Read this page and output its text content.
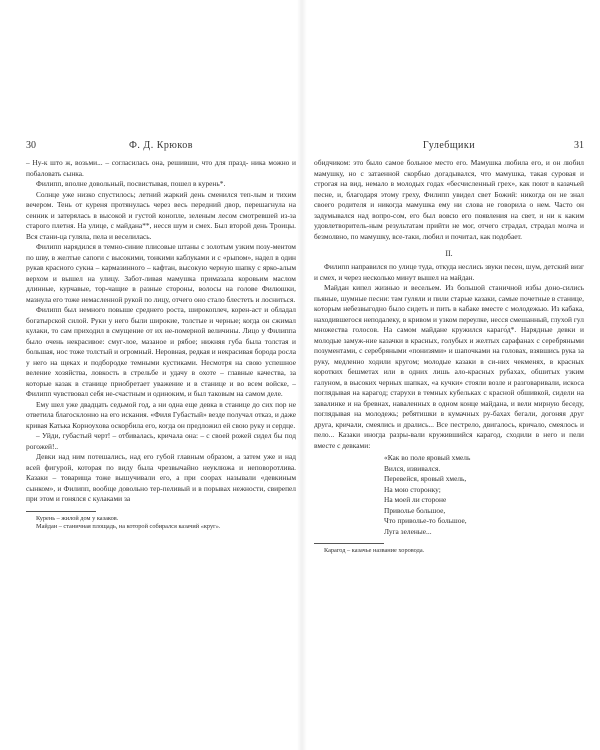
30	Ф. Д. Крюков

– Ну-к што ж, возьми... – согласилась она, решивши, что для празд- ника можно и побаловать сынка.

Филипп, вполне довольный, посвистывая, пошел в курень*.

Солнце уже низко спустилось; летний жаркий день сменился теп-лым и тихим вечером. Тень от куреня протянулась через весь передний двор, перешагнула на сенник и затерялась в высокой и густой конопле, зеленым лесом смотревшей из-за старого плетня. На улице, с майдана**, несся шум и смех. Был второй день Троицы. Вся стани-ца гуляла, пела и веселилась.

Филипп нарядился в темно-синие плисовые штаны с золотым узким позу-ментом по шву, в желтые сапоги с высокими, тонкими каблуками и с «рыпом», надел в один рукав красного сукна – кармазинного – кафтан, высокую черную шапку с ярко-алым верхом и вышел на улицу. Забот-ливая мамушка примазала коровьим маслом длинные, курчавые, тор-чащие в разные стороны, волосы на голове Филюшки, мазнула его тоже немасленной рукой по лицу, отчего оно стало блестеть и лосниться.

Филипп был немного повыше среднего роста, широкоплеч, корен-аст и обладал богатырской силой. Руки у него были широкие, толстые и черные; когда он сжимал кулаки, то сам приходил в смущение от их не-померной величины. Лицо у Филиппа было очень некрасивое: смуг-лое, мазаное и рябое; нижняя губа была толстая и большая, нос тоже толстый и огромный. Неровная, редкая и некрасивая борода росла у него на щеках и подбородке темными кустиками. Несмотря на свою успешное веление хозяйства, ловкость в стрельбе и удачу в охоте – главные качества, за которые казак в станице приобретает уважение и в станице и во всем войске, – Филипп чувствовал себя не-счастным и одиноким, и был таковым на самом деле.

Ему шел уже двадцать седьмой год, а ни одна еще девка в станице до сих пор не ответила благосклонно на его искания. «Филя Губастый» везде получал отказ, и даже кривая Катька Корноухова оскорбила его, когда он предложил ей свою руку и сердце.

– Уйди, губастый черт! – отбивалась, кричала она: – с своей рожей сидел бы под рогожей!..

Девки над ним потешались, над его губой главным образом, а затем уже и над всей фигурой, которая по виду была чрезвычайно неуклюжа и неповоротлива. Казаки – товарища тоже вышучивали его, а при соорах называли «девкиным сынком», и Филипп, вообще довольно тер-пеливый и в порывах нежности, свирепел при этом и гонялся с кулаками за

Курень – жилой дом у казаков.
Майдан – станичная площадь, на которой собирался казачий «круг».
Гулебщики	31

обидчиком: это было самое больное место его. Мамушка любила его, и он любил мамушку, но с затаенной скорбью догадывался, что мамушка, такая суровая и строгая на вид, немало в молодых годах «бесчисленный грех», как поют в казачьей песне, и, благодаря этому греху, Филипп увидел свет Божий: никогда он не знал своего родителя и никогда мамушка ему ни слова не говорила о нем. Часто он задумывался над вопро-сом, его был вовсю его появления на свет, и ни к каким удовлетворитель-ным результатам прийти не мог, отчего страдал, страдал молча и безмолвно, по мамушку, все-таки, любил и почитал, как подобает.

II.

Филипп направился по улице туда, откуда неслись звуки песен, шум, детский визг и смех, и через несколько минут вышел на майдан.

Майдан кипел жизнью и весельем. Из большой станичной избы доно-сились пьяные, шумные песни: там гуляли и пили старые казаки, самые почетные в станице, которым небезвыгодно было сидеть и пить в кабаке вместе с молодежью. Из кабака, находившегося неподалеку, в кривом и узком переулке, несся смешанный, глухой гул множества голосов. На самом майдане кружился караго́д*. Нарядные девки и молодые замуж-ние казачки в красных, голубых и желтых сарафанах с серебряными позументами, с серебряными «понизями» и шапочками на головах, взявшись рука за руку, медленно ходили кругом; молодые казаки в си-них чекменях, в красных коротких бешметах или в одних лишь ало-красных рубахах, обшитых узким галуном, в высоких черных шапках, «а кучки» стояли возле и разговаривали, искоса поглядывая на карагод; старухи в темных кубельках с красной обшивкой, сидели на завалинке и на бревнах, наваленных в одном конце майдана, и вели мирную беседу, поглядывая на молодежь; ребятишки в кумачных ру-бахах бегали, догоняя друг друга, кричали, смеялись и дрались... Все пестрело, двигалось, кричало, смеялось и пело... Казаки иногда разры-вали кружившийся карагод, сходили в него и пели вместе с девками:

«Как во поле яровый хмель
Вился, извивался.
Перевейся, яровый хмель,
На мою сторонку;
На моей ли стороне
Приволье большое,
Что приволье-то большое,
Луга зеленые...
Карагод – казачье название хоровода.
